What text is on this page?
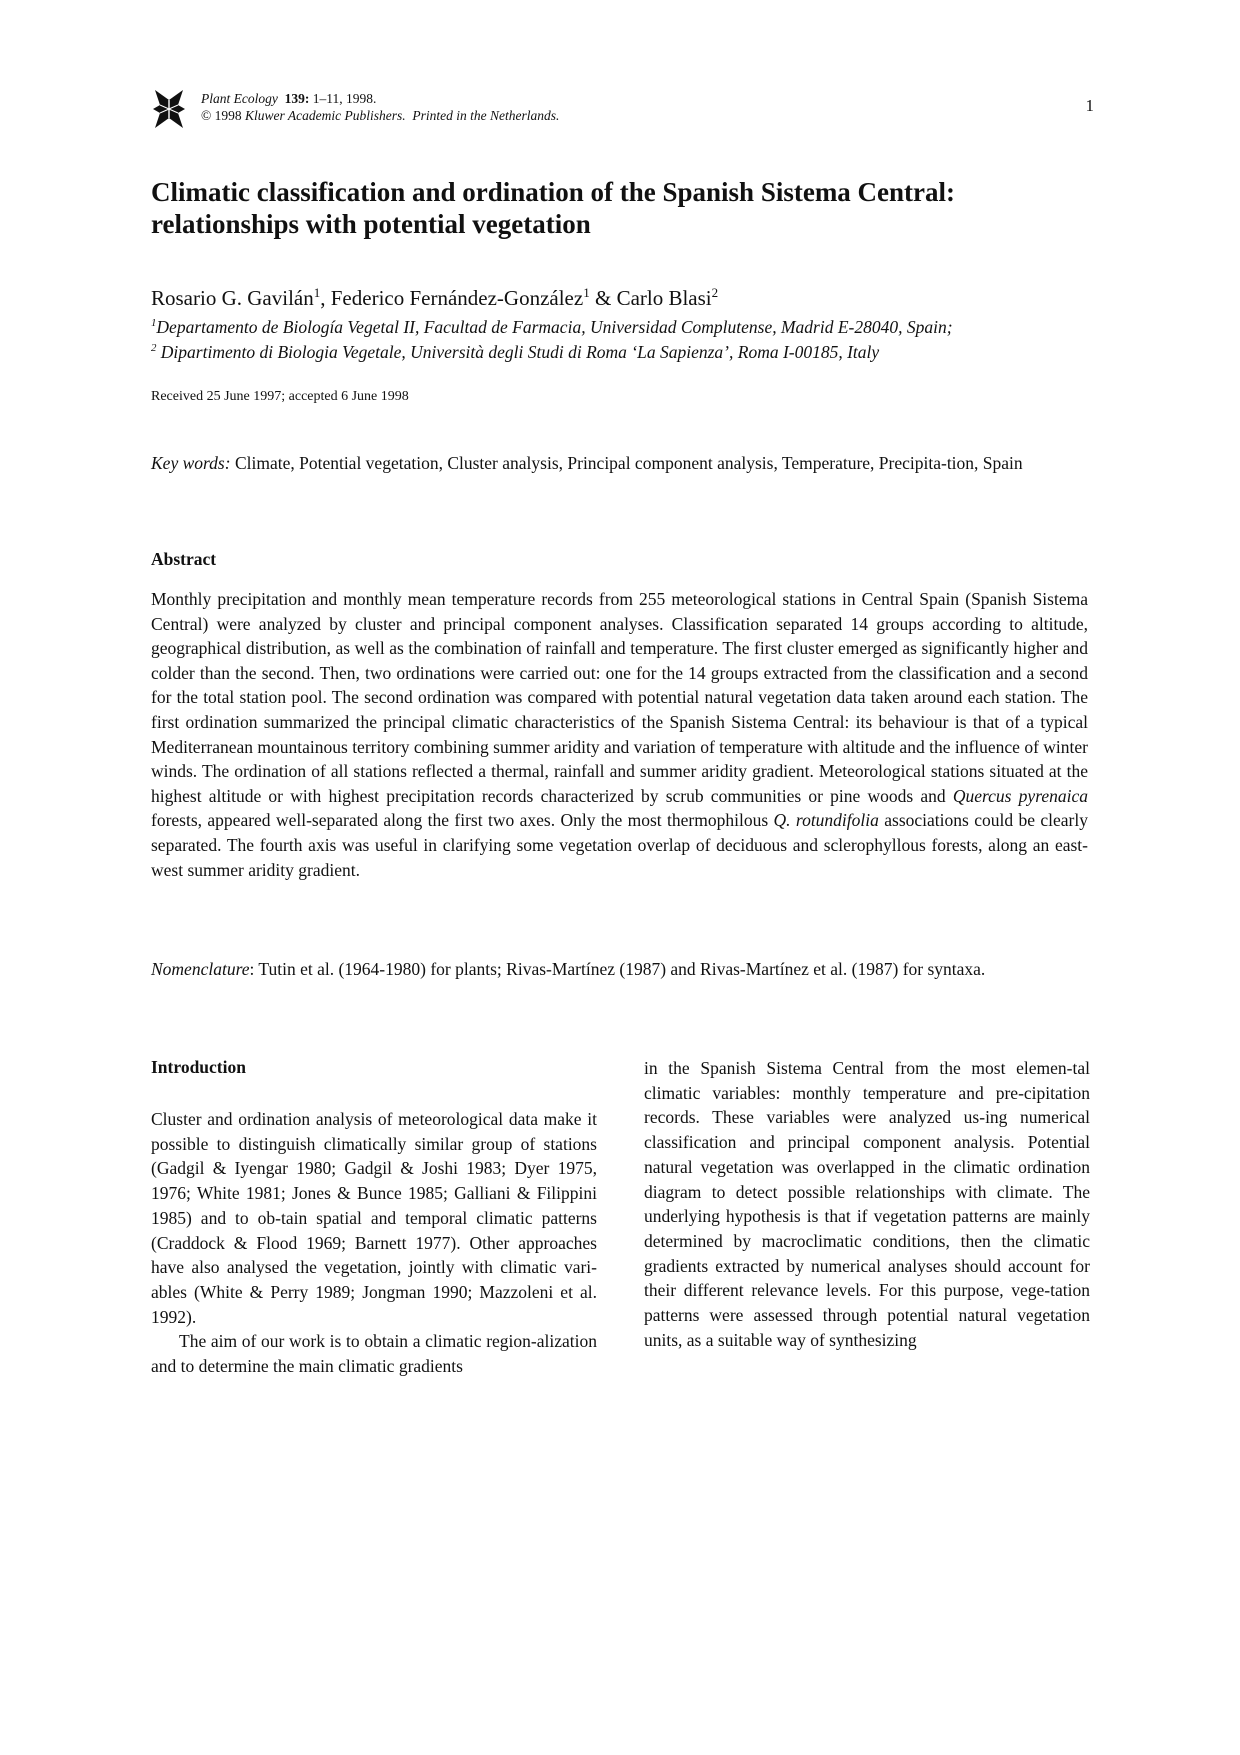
Plant Ecology 139: 1–11, 1998.
© 1998 Kluwer Academic Publishers. Printed in the Netherlands.
1
Climatic classification and ordination of the Spanish Sistema Central:
relationships with potential vegetation
Rosario G. Gavilán$^1$, Federico Fernández-González$^1$ & Carlo Blasi$^2$
$^1$Departamento de Biología Vegetal II, Facultad de Farmacia, Universidad Complutense, Madrid E-28040, Spain;
$^2$ Dipartimento di Biologia Vegetale, Università degli Studi di Roma ‘La Sapienza’, Roma I-00185, Italy
Received 25 June 1997; accepted 6 June 1998
Key words: Climate, Potential vegetation, Cluster analysis, Principal component analysis, Temperature, Precipita-tion, Spain
Abstract
Monthly precipitation and monthly mean temperature records from 255 meteorological stations in Central Spain (Spanish Sistema Central) were analyzed by cluster and principal component analyses. Classification separated 14 groups according to altitude, geographical distribution, as well as the combination of rainfall and temperature. The first cluster emerged as significantly higher and colder than the second. Then, two ordinations were carried out: one for the 14 groups extracted from the classification and a second for the total station pool. The second ordination was compared with potential natural vegetation data taken around each station. The first ordination summarized the principal climatic characteristics of the Spanish Sistema Central: its behaviour is that of a typical Mediterranean mountainous territory combining summer aridity and variation of temperature with altitude and the influence of winter winds. The ordination of all stations reflected a thermal, rainfall and summer aridity gradient. Meteorological stations situated at the highest altitude or with highest precipitation records characterized by scrub communities or pine woods and Quercus pyrenaica forests, appeared well-separated along the first two axes. Only the most thermophilous Q. rotundifolia associations could be clearly separated. The fourth axis was useful in clarifying some vegetation overlap of deciduous and sclerophyllous forests, along an east-west summer aridity gradient.
Nomenclature: Tutin et al. (1964-1980) for plants; Rivas-Martínez (1987) and Rivas-Martínez et al. (1987) for syntaxa.
Introduction

Cluster and ordination analysis of meteorological data make it possible to distinguish climatically similar group of stations (Gadgil & Iyengar 1980; Gadgil & Joshi 1983; Dyer 1975, 1976; White 1981; Jones & Bunce 1985; Galliani & Filippini 1985) and to ob-tain spatial and temporal climatic patterns (Craddock & Flood 1969; Barnett 1977). Other approaches have also analysed the vegetation, jointly with climatic vari-ables (White & Perry 1989; Jongman 1990; Mazzoleni et al. 1992).

The aim of our work is to obtain a climatic region-alization and to determine the main climatic gradients

in the Spanish Sistema Central from the most elemen-tal climatic variables: monthly temperature and pre-cipitation records. These variables were analyzed us-ing numerical classification and principal component analysis. Potential natural vegetation was overlapped in the climatic ordination diagram to detect possible relationships with climate. The underlying hypothesis is that if vegetation patterns are mainly determined by macroclimatic conditions, then the climatic gradients extracted by numerical analyses should account for their different relevance levels. For this purpose, vege-tation patterns were assessed through potential natural vegetation units, as a suitable way of synthesizing
